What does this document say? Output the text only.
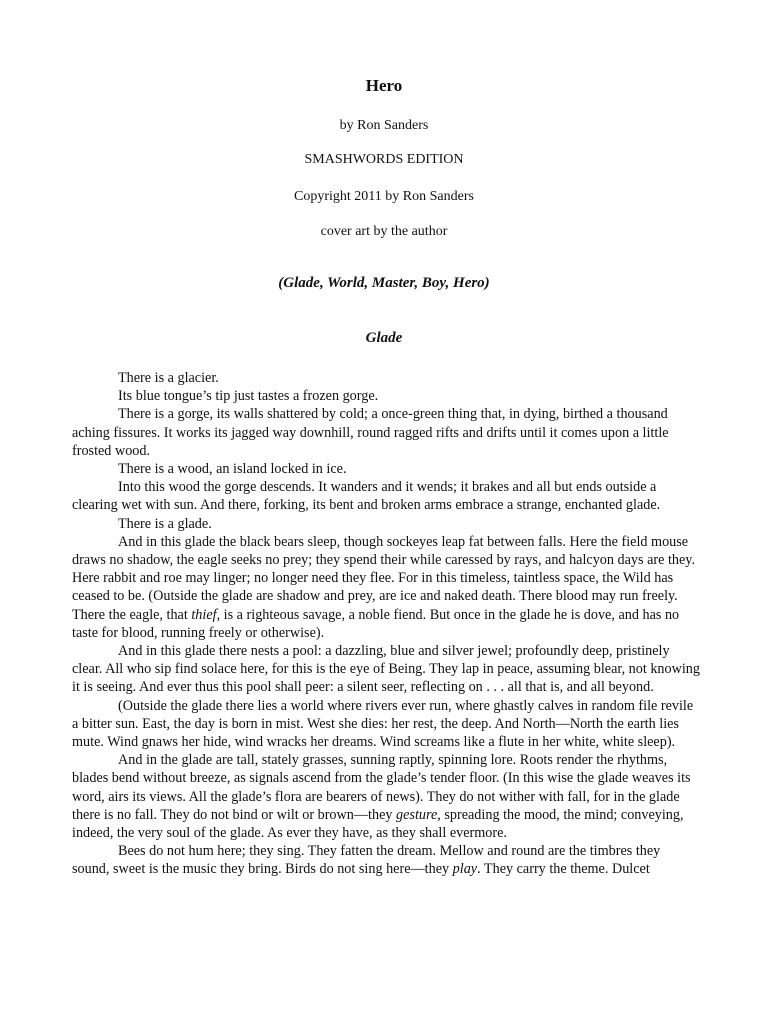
Hero

by Ron Sanders

SMASHWORDS EDITION

Copyright 2011 by Ron Sanders

cover art by the author

(Glade, World, Master, Boy, Hero)

Glade

There is a glacier.

Its blue tongue’s tip just tastes a frozen gorge.

There is a gorge, its walls shattered by cold; a once-green thing that, in dying, birthed a thousand aching fissures. It works its jagged way downhill, round ragged rifts and drifts until it comes upon a little frosted wood.

There is a wood, an island locked in ice.

Into this wood the gorge descends. It wanders and it wends; it brakes and all but ends outside a clearing wet with sun. And there, forking, its bent and broken arms embrace a strange, enchanted glade.

There is a glade.

And in this glade the black bears sleep, though sockeyes leap fat between falls. Here the field mouse draws no shadow, the eagle seeks no prey; they spend their while caressed by rays, and halcyon days are they. Here rabbit and roe may linger; no longer need they flee. For in this timeless, taintless space, the Wild has ceased to be. (Outside the glade are shadow and prey, are ice and naked death. There blood may run freely. There the eagle, that thief, is a righteous savage, a noble fiend. But once in the glade he is dove, and has no taste for blood, running freely or otherwise).

And in this glade there nests a pool: a dazzling, blue and silver jewel; profoundly deep, pristinely clear. All who sip find solace here, for this is the eye of Being. They lap in peace, assuming blear, not knowing it is seeing. And ever thus this pool shall peer: a silent seer, reflecting on . . . all that is, and all beyond.

(Outside the glade there lies a world where rivers ever run, where ghastly calves in random file revile a bitter sun. East, the day is born in mist. West she dies: her rest, the deep. And North—North the earth lies mute. Wind gnaws her hide, wind wracks her dreams. Wind screams like a flute in her white, white sleep).

And in the glade are tall, stately grasses, sunning raptly, spinning lore. Roots render the rhythms, blades bend without breeze, as signals ascend from the glade’s tender floor. (In this wise the glade weaves its word, airs its views. All the glade’s flora are bearers of news). They do not wither with fall, for in the glade there is no fall. They do not bind or wilt or brown—they gesture, spreading the mood, the mind; conveying, indeed, the very soul of the glade. As ever they have, as they shall evermore.

Bees do not hum here; they sing. They fatten the dream. Mellow and round are the timbres they sound, sweet is the music they bring. Birds do not sing here—they play. They carry the theme. Dulcet
